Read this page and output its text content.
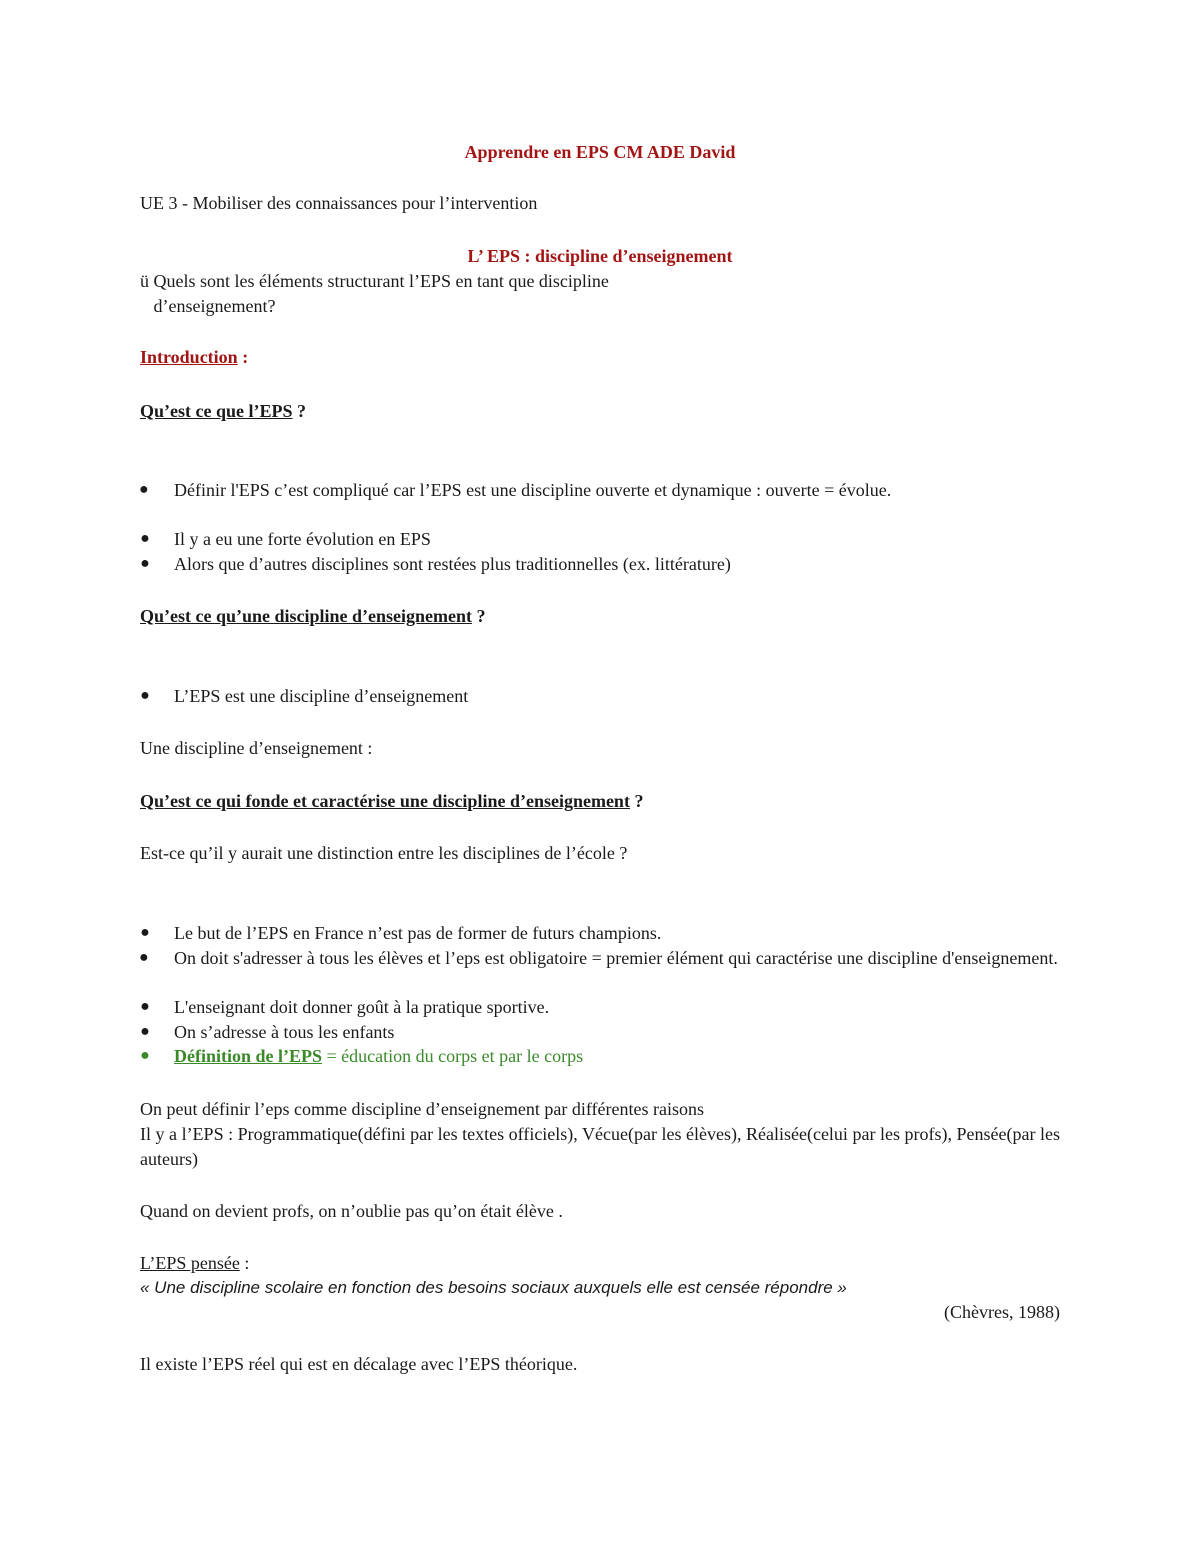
Apprendre en EPS CM ADE David
UE 3 - Mobiliser des connaissances pour l’intervention
L’ EPS : discipline d’enseignement
ü Quels sont les éléments structurant l’EPS en tant que discipline d’enseignement?
Introduction :
Qu’est ce que l’EPS ?
● Définir l'EPS c’est compliqué car l’EPS est une discipline ouverte et dynamique : ouverte = évolue.
● Il y a eu une forte évolution en EPS
● Alors que d’autres disciplines sont restées plus traditionnelles (ex. littérature)
Qu’est ce qu’une discipline d’enseignement ?
● L’EPS est une discipline d’enseignement
Une discipline d’enseignement :
Qu’est ce qui fonde et caractérise une discipline d’enseignement ?
Est-ce qu’il y aurait une distinction entre les disciplines de l’école ?
● Le but de l’EPS en France n’est pas de former de futurs champions.
● On doit s'adresser à tous les élèves et l’eps est obligatoire = premier élément qui caractérise une discipline d'enseignement.
● L'enseignant doit donner goût à la pratique sportive.
● On s’adresse à tous les enfants
● Définition de l’EPS = éducation du corps et par le corps
On peut définir l’eps comme discipline d’enseignement par différentes raisons
Il y a l’EPS : Programmatique(défini par les textes officiels), Vécue(par les élèves), Réalisée(celui par les profs), Pensée(par les auteurs)
Quand on devient profs, on n’oublie pas qu’on était élève .
L’EPS pensée :
« Une discipline scolaire en fonction des besoins sociaux auxquels elle est censée répondre »
(Chèvres, 1988)
Il existe l’EPS réel qui est en décalage avec l’EPS théorique.
